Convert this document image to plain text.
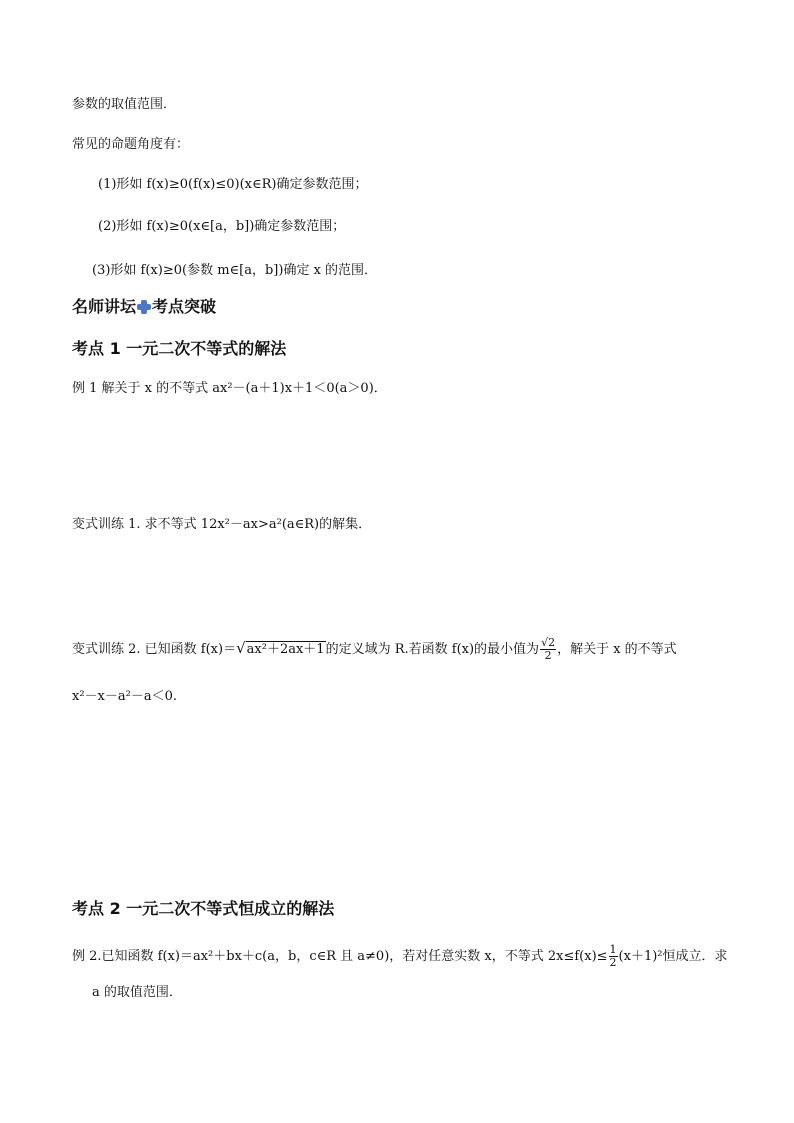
参数的取值范围．
常见的命题角度有：
(1)形如 f(x)≥0(f(x)≤0)(x∈R)确定参数范围；
(2)形如 f(x)≥0(x∈[a，b])确定参数范围；
(3)形如 f(x)≥0(参数 m∈[a，b])确定 x 的范围．
名师讲坛 考点突破
考点 1 一元二次不等式的解法
例 1 解关于 x 的不等式 ax²－(a＋1)x＋1＜0(a＞0)．
变式训练 1. 求不等式 12x²－ax>a²(a∈R)的解集．
变式训练 2. 已知函数 f(x)＝√ax²＋2ax＋1的定义域为 R.若函数 f(x)的最小值为 $\frac{√2}{2}$ ，解关于 x 的不等式
x²－x－a²－a＜0.
考点 2 一元二次不等式恒成立的解法
例 2.已知函数 f(x)＝ax²＋bx＋c(a，b，c∈R 且 a≠0)，若对任意实数 x，不等式 $2x\le f(x)\le \frac{1}{2} (x+1)^2$恒成立．求
a 的取值范围．
